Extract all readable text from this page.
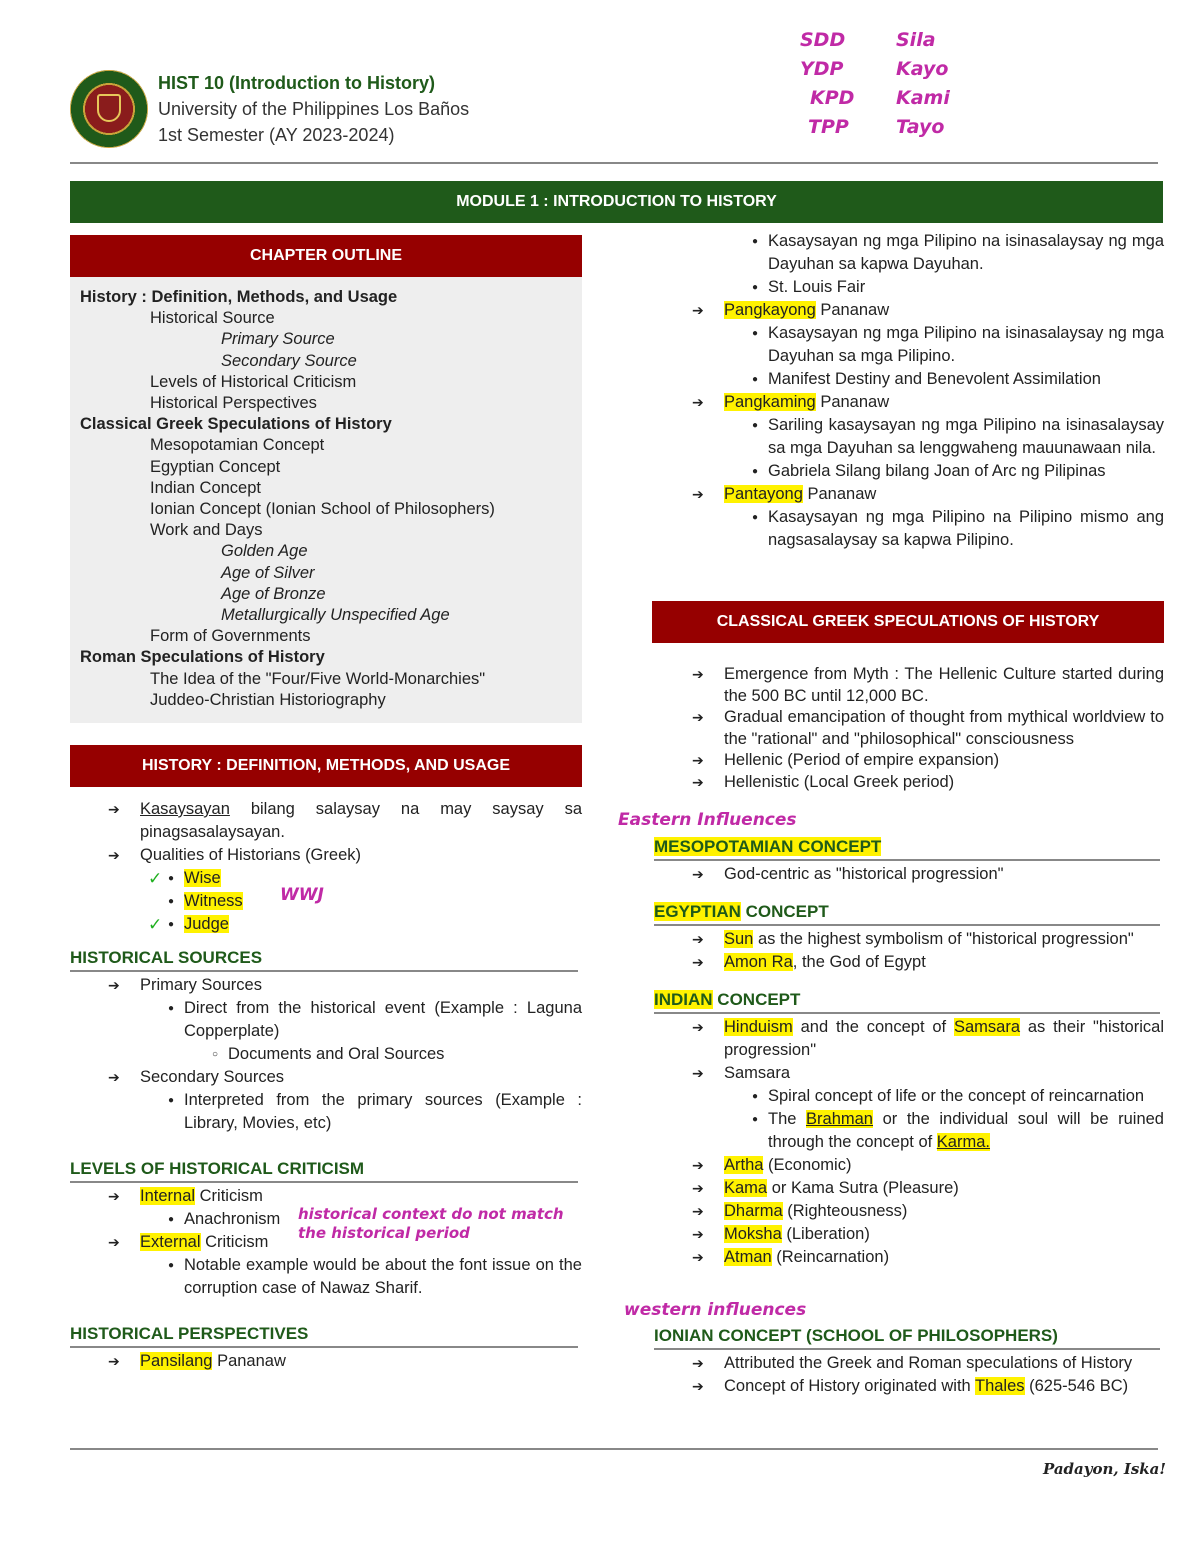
HIST 10 (Introduction to History)
University of the Philippines Los Baños
1st Semester (AY 2023-2024)
SDD	Sila
YDP	Kayo
KPD	Kami
TPP	Tayo
MODULE 1 : INTRODUCTION TO HISTORY
CHAPTER OUTLINE
History : Definition, Methods, and Usage
Historical Source
Primary Source
Secondary Source
Levels of Historical Criticism
Historical Perspectives
Classical Greek Speculations of History
Mesopotamian Concept
Egyptian Concept
Indian Concept
Ionian Concept (Ionian School of Philosophers)
Work and Days
Golden Age
Age of Silver
Age of Bronze
Metallurgically Unspecified Age
Form of Governments
Roman Speculations of History
The Idea of the "Four/Five World-Monarchies"
Juddeo-Christian Historiography
HISTORY : DEFINITION, METHODS, AND USAGE
➔ Kasaysayan bilang salaysay na may saysay sa pinagsasalaysayan.
➔ Qualities of Historians (Greek)
● ✓ Wise
● Witness WWJ
● ✓ Judge
HISTORICAL SOURCES
➔ Primary Sources
● Direct from the historical event (Example : Laguna Copperplate)
○ Documents and Oral Sources
➔ Secondary Sources
● Interpreted from the primary sources (Example : Library, Movies, etc)
LEVELS OF HISTORICAL CRITICISM
➔ Internal Criticism
● Anachronism historical context do not match the historical period
➔ External Criticism
● Notable example would be about the font issue on the corruption case of Nawaz Sharif.
HISTORICAL PERSPECTIVES
➔ Pansilang Pananaw
● Kasaysayan ng mga Pilipino na isinasalaysay ng mga Dayuhan sa kapwa Dayuhan.
● St. Louis Fair
➔ Pangkayong Pananaw
● Kasaysayan ng mga Pilipino na isinasalaysay ng mga Dayuhan sa mga Pilipino.
● Manifest Destiny and Benevolent Assimilation
➔ Pangkaming Pananaw
● Sariling kasaysayan ng mga Pilipino na isinasalaysay sa mga Dayuhan sa lenggwaheng mauunawaan nila.
● Gabriela Silang bilang Joan of Arc ng Pilipinas
➔ Pantayong Pananaw
● Kasaysayan ng mga Pilipino na Pilipino mismo ang nagsasalaysay sa kapwa Pilipino.
CLASSICAL GREEK SPECULATIONS OF HISTORY
➔ Emergence from Myth : The Hellenic Culture started during the 500 BC until 12,000 BC.
➔ Gradual emancipation of thought from mythical worldview to the "rational" and "philosophical" consciousness
➔ Hellenic (Period of empire expansion)
➔ Hellenistic (Local Greek period)
Eastern Influences
MESOPOTAMIAN CONCEPT
➔ God-centric as "historical progression"
EGYPTIAN CONCEPT
➔ Sun as the highest symbolism of "historical progression"
➔ Amon Ra, the God of Egypt
INDIAN CONCEPT
➔ Hinduism and the concept of Samsara as their "historical progression"
➔ Samsara
● Spiral concept of life or the concept of reincarnation
● The Brahman or the individual soul will be ruined through the concept of Karma.
➔ Artha (Economic)
➔ Kama or Kama Sutra (Pleasure)
➔ Dharma (Righteousness)
➔ Moksha (Liberation)
➔ Atman (Reincarnation)
western influences
IONIAN CONCEPT (SCHOOL OF PHILOSOPHERS)
➔ Attributed the Greek and Roman speculations of History
➔ Concept of History originated with Thales (625-546 BC)
Padayon, Iska!
